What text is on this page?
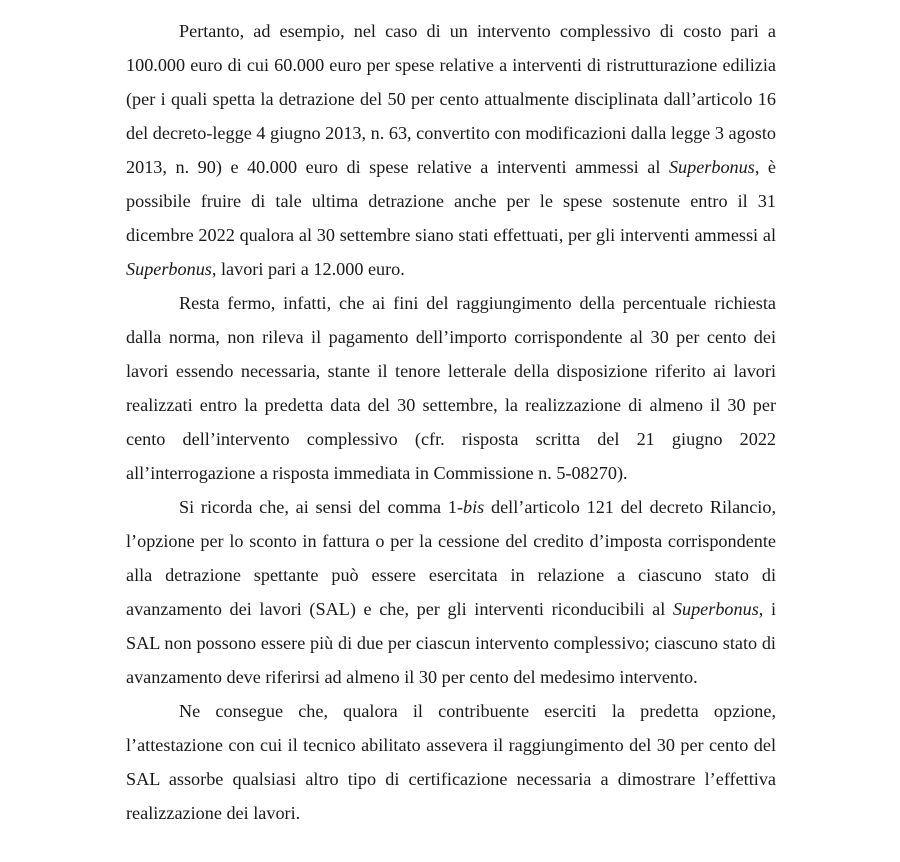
Pertanto, ad esempio, nel caso di un intervento complessivo di costo pari a 100.000 euro di cui 60.000 euro per spese relative a interventi di ristrutturazione edilizia (per i quali spetta la detrazione del 50 per cento attualmente disciplinata dall’articolo 16 del decreto-legge 4 giugno 2013, n. 63, convertito con modificazioni dalla legge 3 agosto 2013, n. 90) e 40.000 euro di spese relative a interventi ammessi al Superbonus, è possibile fruire di tale ultima detrazione anche per le spese sostenute entro il 31 dicembre 2022 qualora al 30 settembre siano stati effettuati, per gli interventi ammessi al Superbonus, lavori pari a 12.000 euro.

Resta fermo, infatti, che ai fini del raggiungimento della percentuale richiesta dalla norma, non rileva il pagamento dell’importo corrispondente al 30 per cento dei lavori essendo necessaria, stante il tenore letterale della disposizione riferito ai lavori realizzati entro la predetta data del 30 settembre, la realizzazione di almeno il 30 per cento dell’intervento complessivo (cfr. risposta scritta del 21 giugno 2022 all’interrogazione a risposta immediata in Commissione n. 5-08270).

Si ricorda che, ai sensi del comma 1-bis dell’articolo 121 del decreto Rilancio, l’opzione per lo sconto in fattura o per la cessione del credito d’imposta corrispondente alla detrazione spettante può essere esercitata in relazione a ciascuno stato di avanzamento dei lavori (SAL) e che, per gli interventi riconducibili al Superbonus, i SAL non possono essere più di due per ciascun intervento complessivo; ciascuno stato di avanzamento deve riferirsi ad almeno il 30 per cento del medesimo intervento.

Ne consegue che, qualora il contribuente eserciti la predetta opzione, l’attestazione con cui il tecnico abilitato assevera il raggiungimento del 30 per cento del SAL assorbe qualsiasi altro tipo di certificazione necessaria a dimostrare l’effettiva realizzazione dei lavori.
